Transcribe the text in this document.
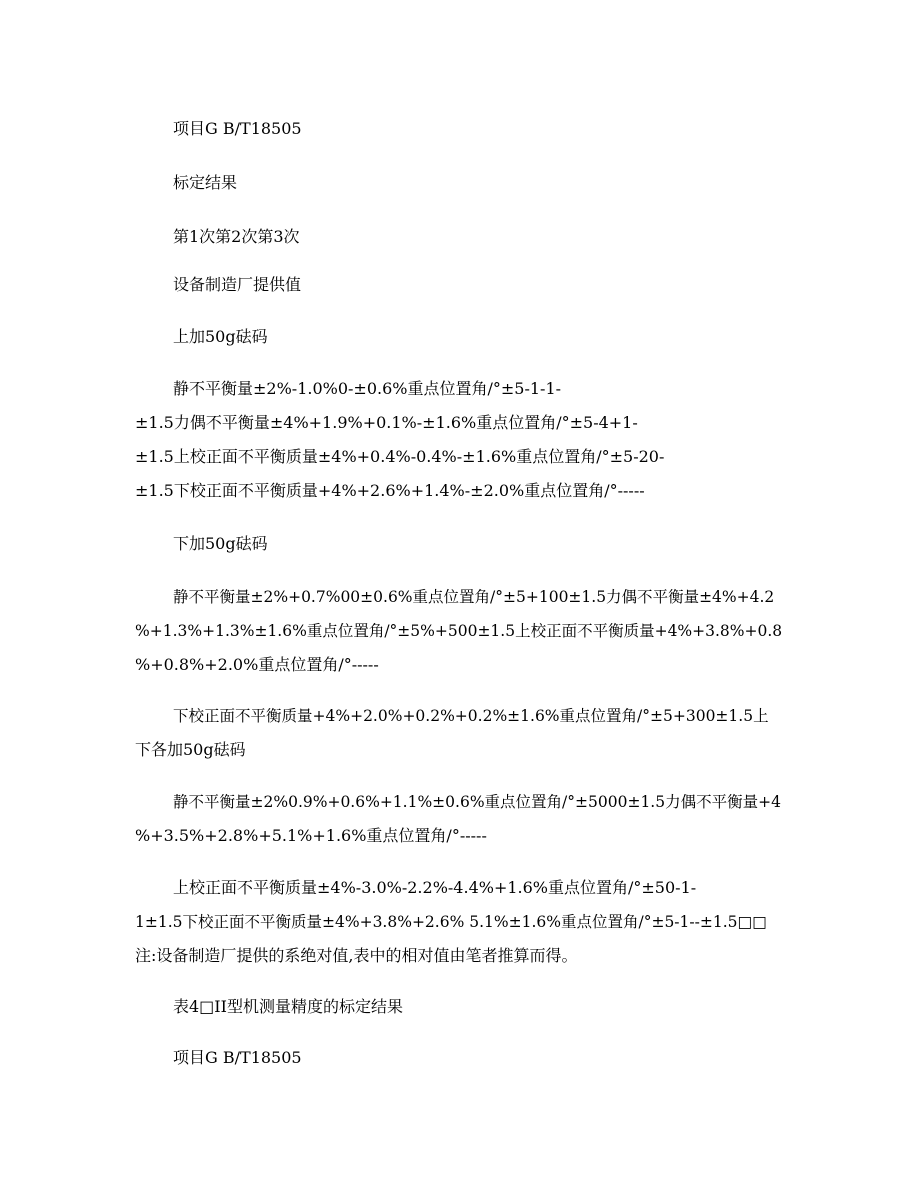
项目G B/T18505

标定结果

第1次第2次第3次

设备制造厂提供值

上加50g砝码

静不平衡量±2%-1.0%0-±0.6%重点位置角/°±5-1-1-

±1.5力偶不平衡量±4%+1.9%+0.1%-±1.6%重点位置角/°±5-4+1-

±1.5上校正面不平衡质量±4%+0.4%-0.4%-±1.6%重点位置角/°±5-20-

±1.5下校正面不平衡质量+4%+2.6%+1.4%-±2.0%重点位置角/°-----

下加50g砝码

静不平衡量±2%+0.7%00±0.6%重点位置角/°±5+100±1.5力偶不平衡量±4%+4.2

%+1.3%+1.3%±1.6%重点位置角/°±5%+500±1.5上校正面不平衡质量+4%+3.8%+0.8

%+0.8%+2.0%重点位置角/°-----

下校正面不平衡质量+4%+2.0%+0.2%+0.2%±1.6%重点位置角/°±5+300±1.5上

下各加50g砝码

静不平衡量±2%0.9%+0.6%+1.1%±0.6%重点位置角/°±5000±1.5力偶不平衡量+4

%+3.5%+2.8%+5.1%+1.6%重点位置角/°-----

上校正面不平衡质量±4%-3.0%-2.2%-4.4%+1.6%重点位置角/°±50-1-

1±1.5下校正面不平衡质量±4%+3.8%+2.6% 5.1%±1.6%重点位置角/°±5-1--±1.5□□

注:设备制造厂提供的系绝对值,表中的相对值由笔者推算而得。

表4□II型机测量精度的标定结果

项目G B/T18505
